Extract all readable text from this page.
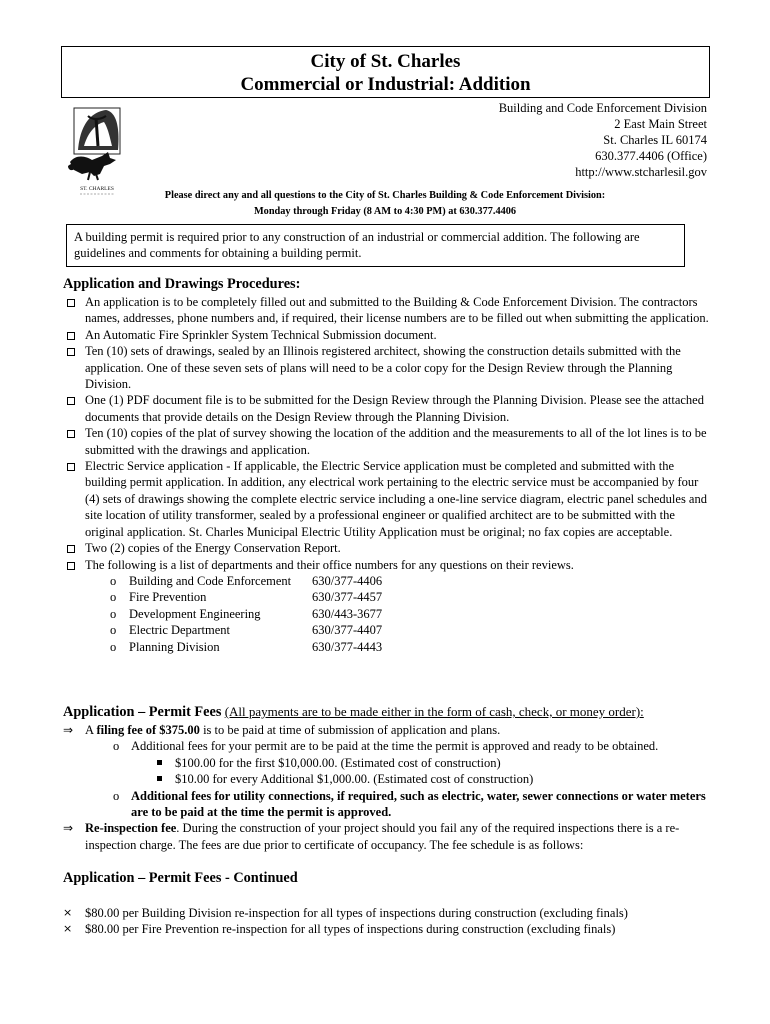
City of St. Charles
Commercial or Industrial: Addition
ST. CHARLES
Building and Code Enforcement Division
2 East Main Street
St. Charles IL 60174
630.377.4406 (Office)
http://www.stcharlesil.gov
Please direct any and all questions to the City of St. Charles Building & Code Enforcement Division:
Monday through Friday (8 AM to 4:30 PM) at 630.377.4406
A building permit is required prior to any construction of an industrial or commercial addition. The following are guidelines and comments for obtaining a building permit.
Application and Drawings Procedures:
An application is to be completely filled out and submitted to the Building & Code Enforcement Division. The contractors names, addresses, phone numbers and, if required, their license numbers are to be filled out when submitting the application.
An Automatic Fire Sprinkler System Technical Submission document.
Ten (10) sets of drawings, sealed by an Illinois registered architect, showing the construction details submitted with the application. One of these seven sets of plans will need to be a color copy for the Design Review through the Planning Division.
One (1) PDF document file is to be submitted for the Design Review through the Planning Division. Please see the attached documents that provide details on the Design Review through the Planning Division.
Ten (10) copies of the plat of survey showing the location of the addition and the measurements to all of the lot lines is to be submitted with the drawings and application.
Electric Service application - If applicable, the Electric Service application must be completed and submitted with the building permit application. In addition, any electrical work pertaining to the electric service must be accompanied by four (4) sets of drawings showing the complete electric service including a one-line service diagram, electric panel schedules and site location of utility transformer, sealed by a professional engineer or qualified architect are to be submitted with the original application. St. Charles Municipal Electric Utility Application must be original; no fax copies are acceptable.
Two (2) copies of the Energy Conservation Report.
The following is a list of departments and their office numbers for any questions on their reviews.
o Building and Code Enforcement 630/377-4406
o Fire Prevention	630/377-4457
o Development Engineering	630/443-3677
o Electric Department	630/377-4407
o Planning Division	630/377-4443
Application – Permit Fees (All payments are to be made either in the form of cash, check, or money order):
⇒ A filing fee of $375.00 is to be paid at time of submission of application and plans.
o Additional fees for your permit are to be paid at the time the permit is approved and ready to be obtained.
$100.00 for the first $10,000.00. (Estimated cost of construction)
$10.00 for every Additional $1,000.00. (Estimated cost of construction)
o Additional fees for utility connections, if required, such as electric, water, sewer connections or water meters are to be paid at the time the permit is approved.
⇒ Re-inspection fee. During the construction of your project should you fail any of the required inspections there is a re-inspection charge. The fees are due prior to certificate of occupancy. The fee schedule is as follows:
Application – Permit Fees - Continued
× $80.00 per Building Division re-inspection for all types of inspections during construction (excluding finals)
× $80.00 per Fire Prevention re-inspection for all types of inspections during construction (excluding finals)
